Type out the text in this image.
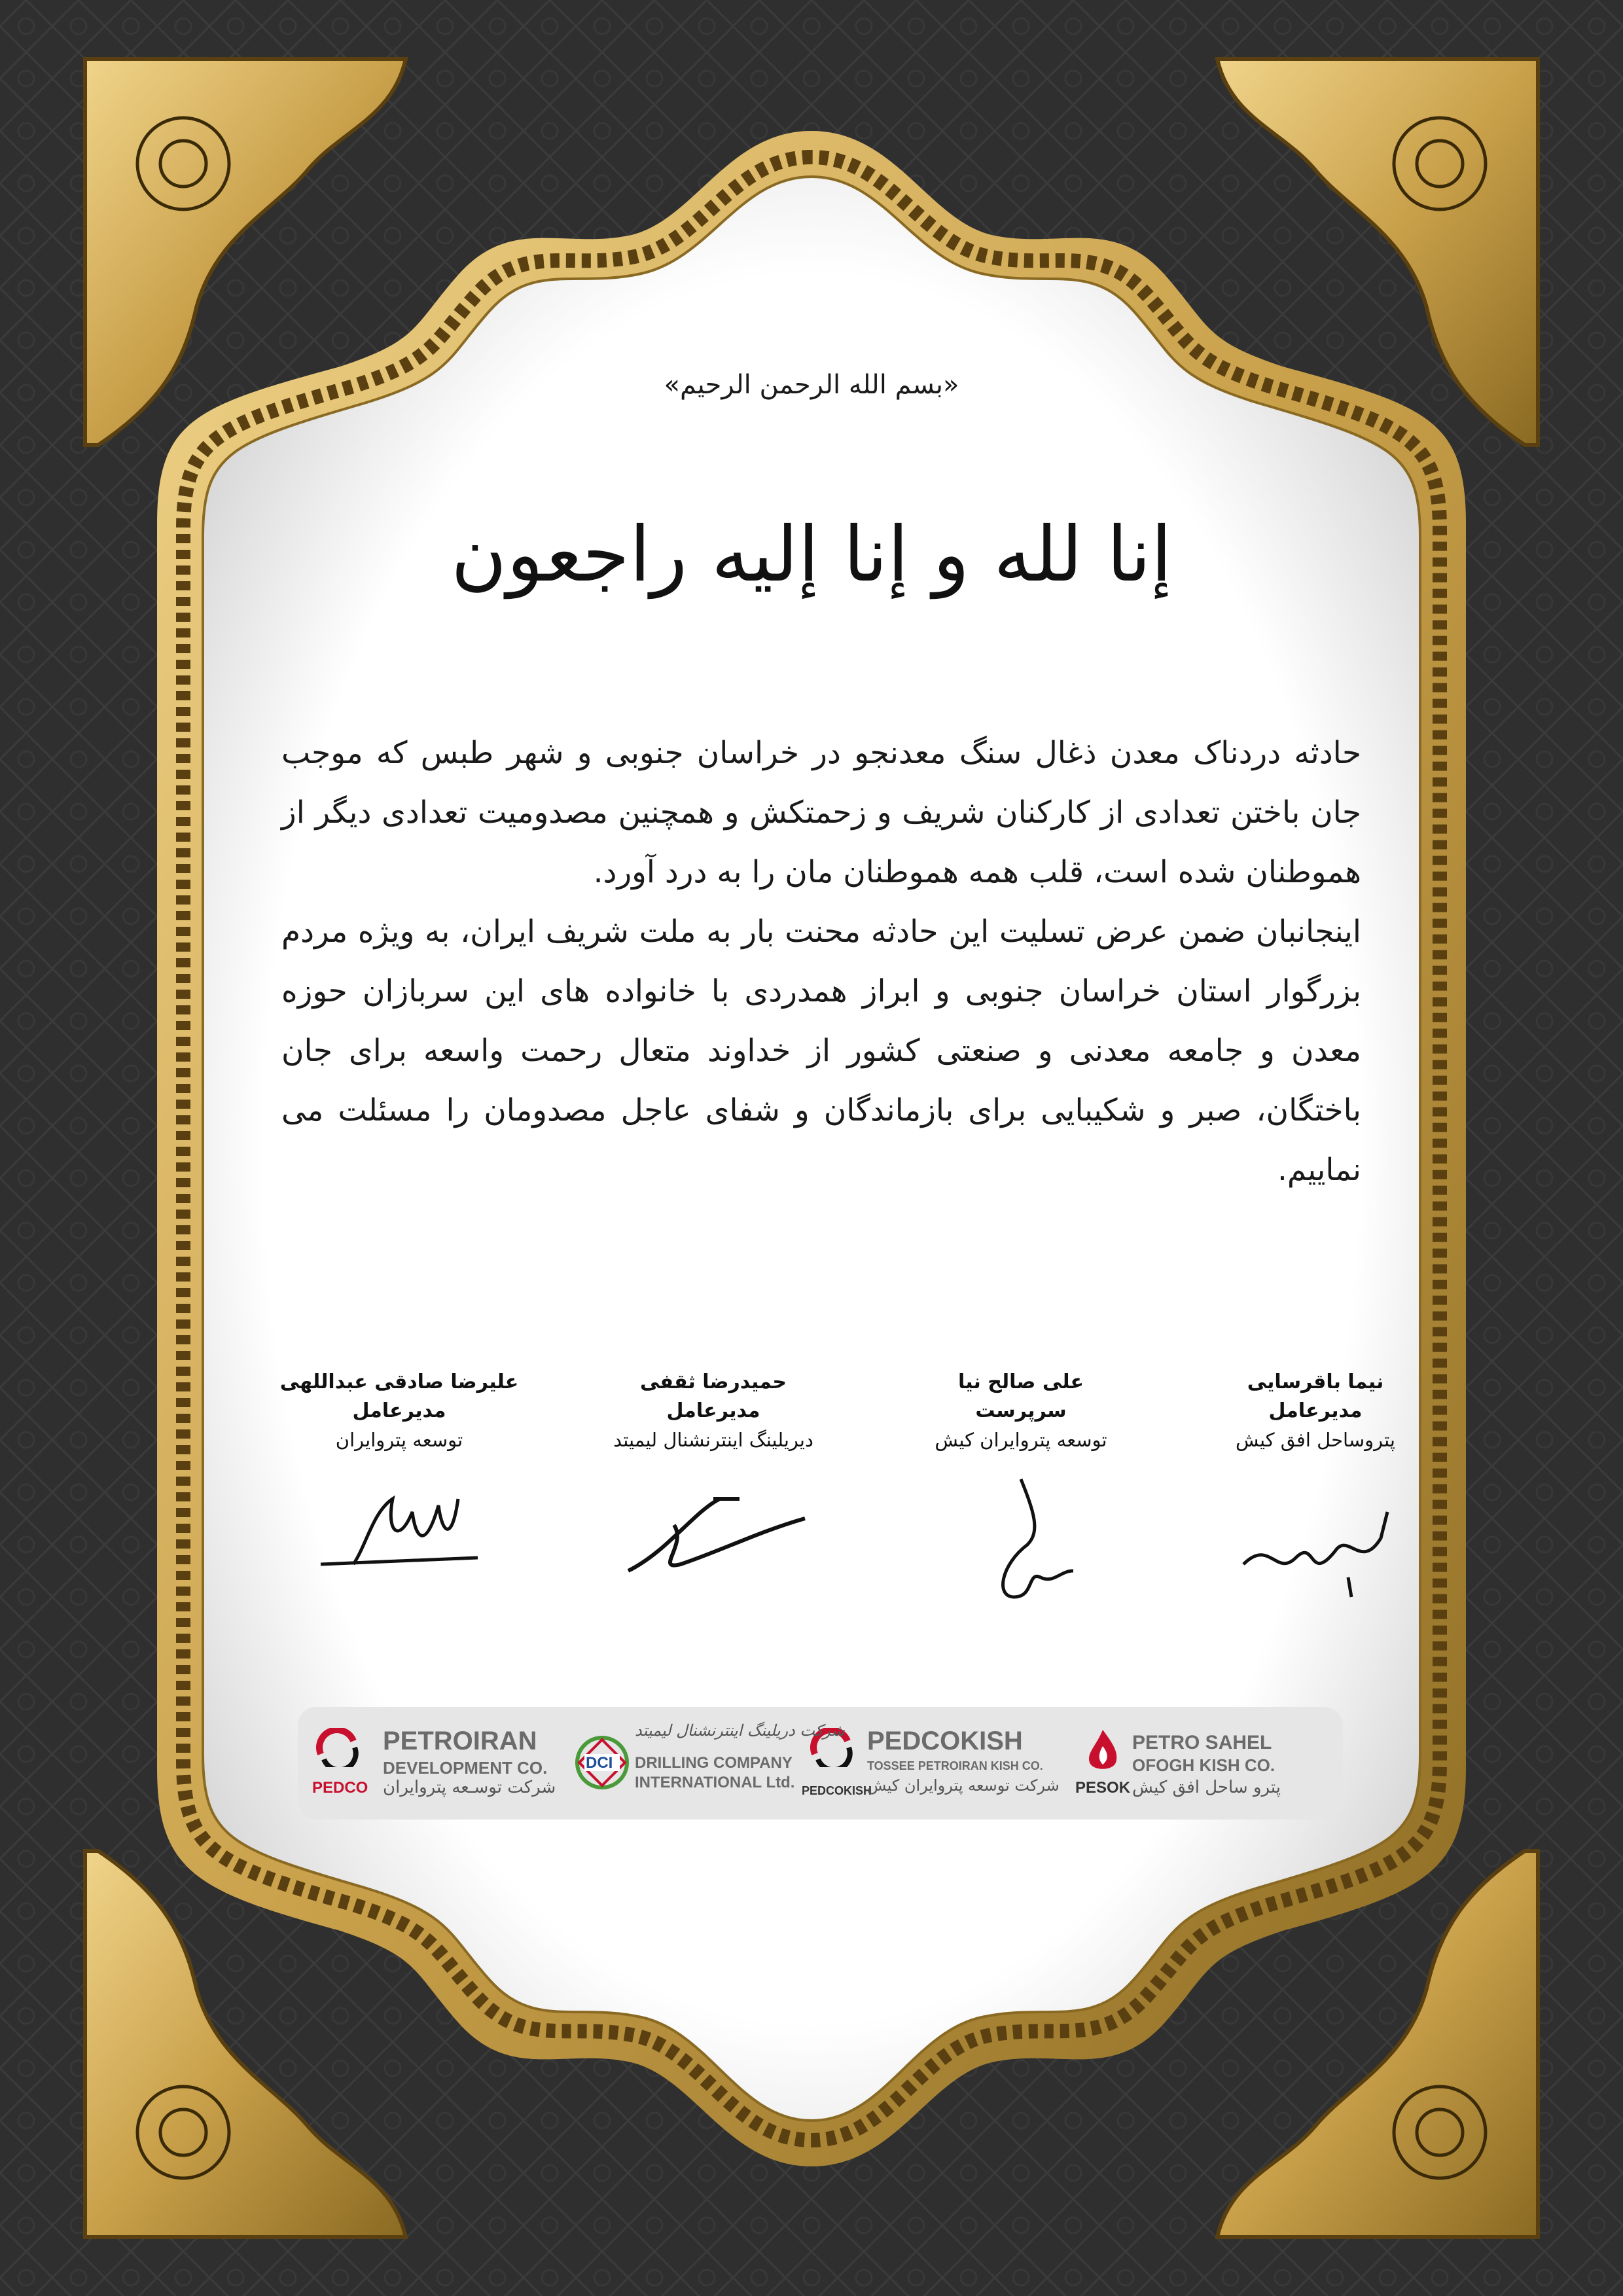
«بسم الله الرحمن الرحیم»
إنا لله و إنا إليه راجعون

حادثه دردناک معدن ذغال سنگ معدنجو در خراسان جنوبی و شهر طبس که موجب جان باختن تعدادی از کارکنان شریف و زحمتکش و همچنین مصدومیت تعدادی دیگر از هموطنان شده است، قلب همه هموطنان مان را به درد آورد.

اینجانبان ضمن عرض تسلیت این حادثه محنت بار به ملت شریف ایران، به ویژه مردم بزرگوار استان خراسان جنوبی و ابراز همدردی با خانواده های این سربازان حوزه معدن و جامعه معدنی و صنعتی کشور از خداوند متعال رحمت واسعه برای جان باختگان، صبر و شکیبایی برای بازماندگان و شفای عاجل مصدومان را مسئلت می نماییم.

نیما باقرسایی
مدیرعامل
پتروساحل افق کیش
علی صالح نیا
سرپرست
توسعه پتروایران کیش
حمیدرضا ثقفی
مدیرعامل
دیریلینگ اینترنشنال لیمیتد
علیرضا صادقی عبداللهی
مدیرعامل
توسعه پتروایران
PESOK
PETRO SAHEL
OFOGH KISH CO.
پترو ساحل افق کیش
PEDCOKISH
PEDCOKISH
TOSSEE PETROIRAN KISH CO.
شرکت توسعه پتروایران کیش
DCI
شرکت دریلینگ اینترنشنال لیمیتد
DRILLING COMPANY
INTERNATIONAL Ltd.
PEDCO
PETROIRAN
DEVELOPMENT CO.
شرکت توسـعه پتروایران
